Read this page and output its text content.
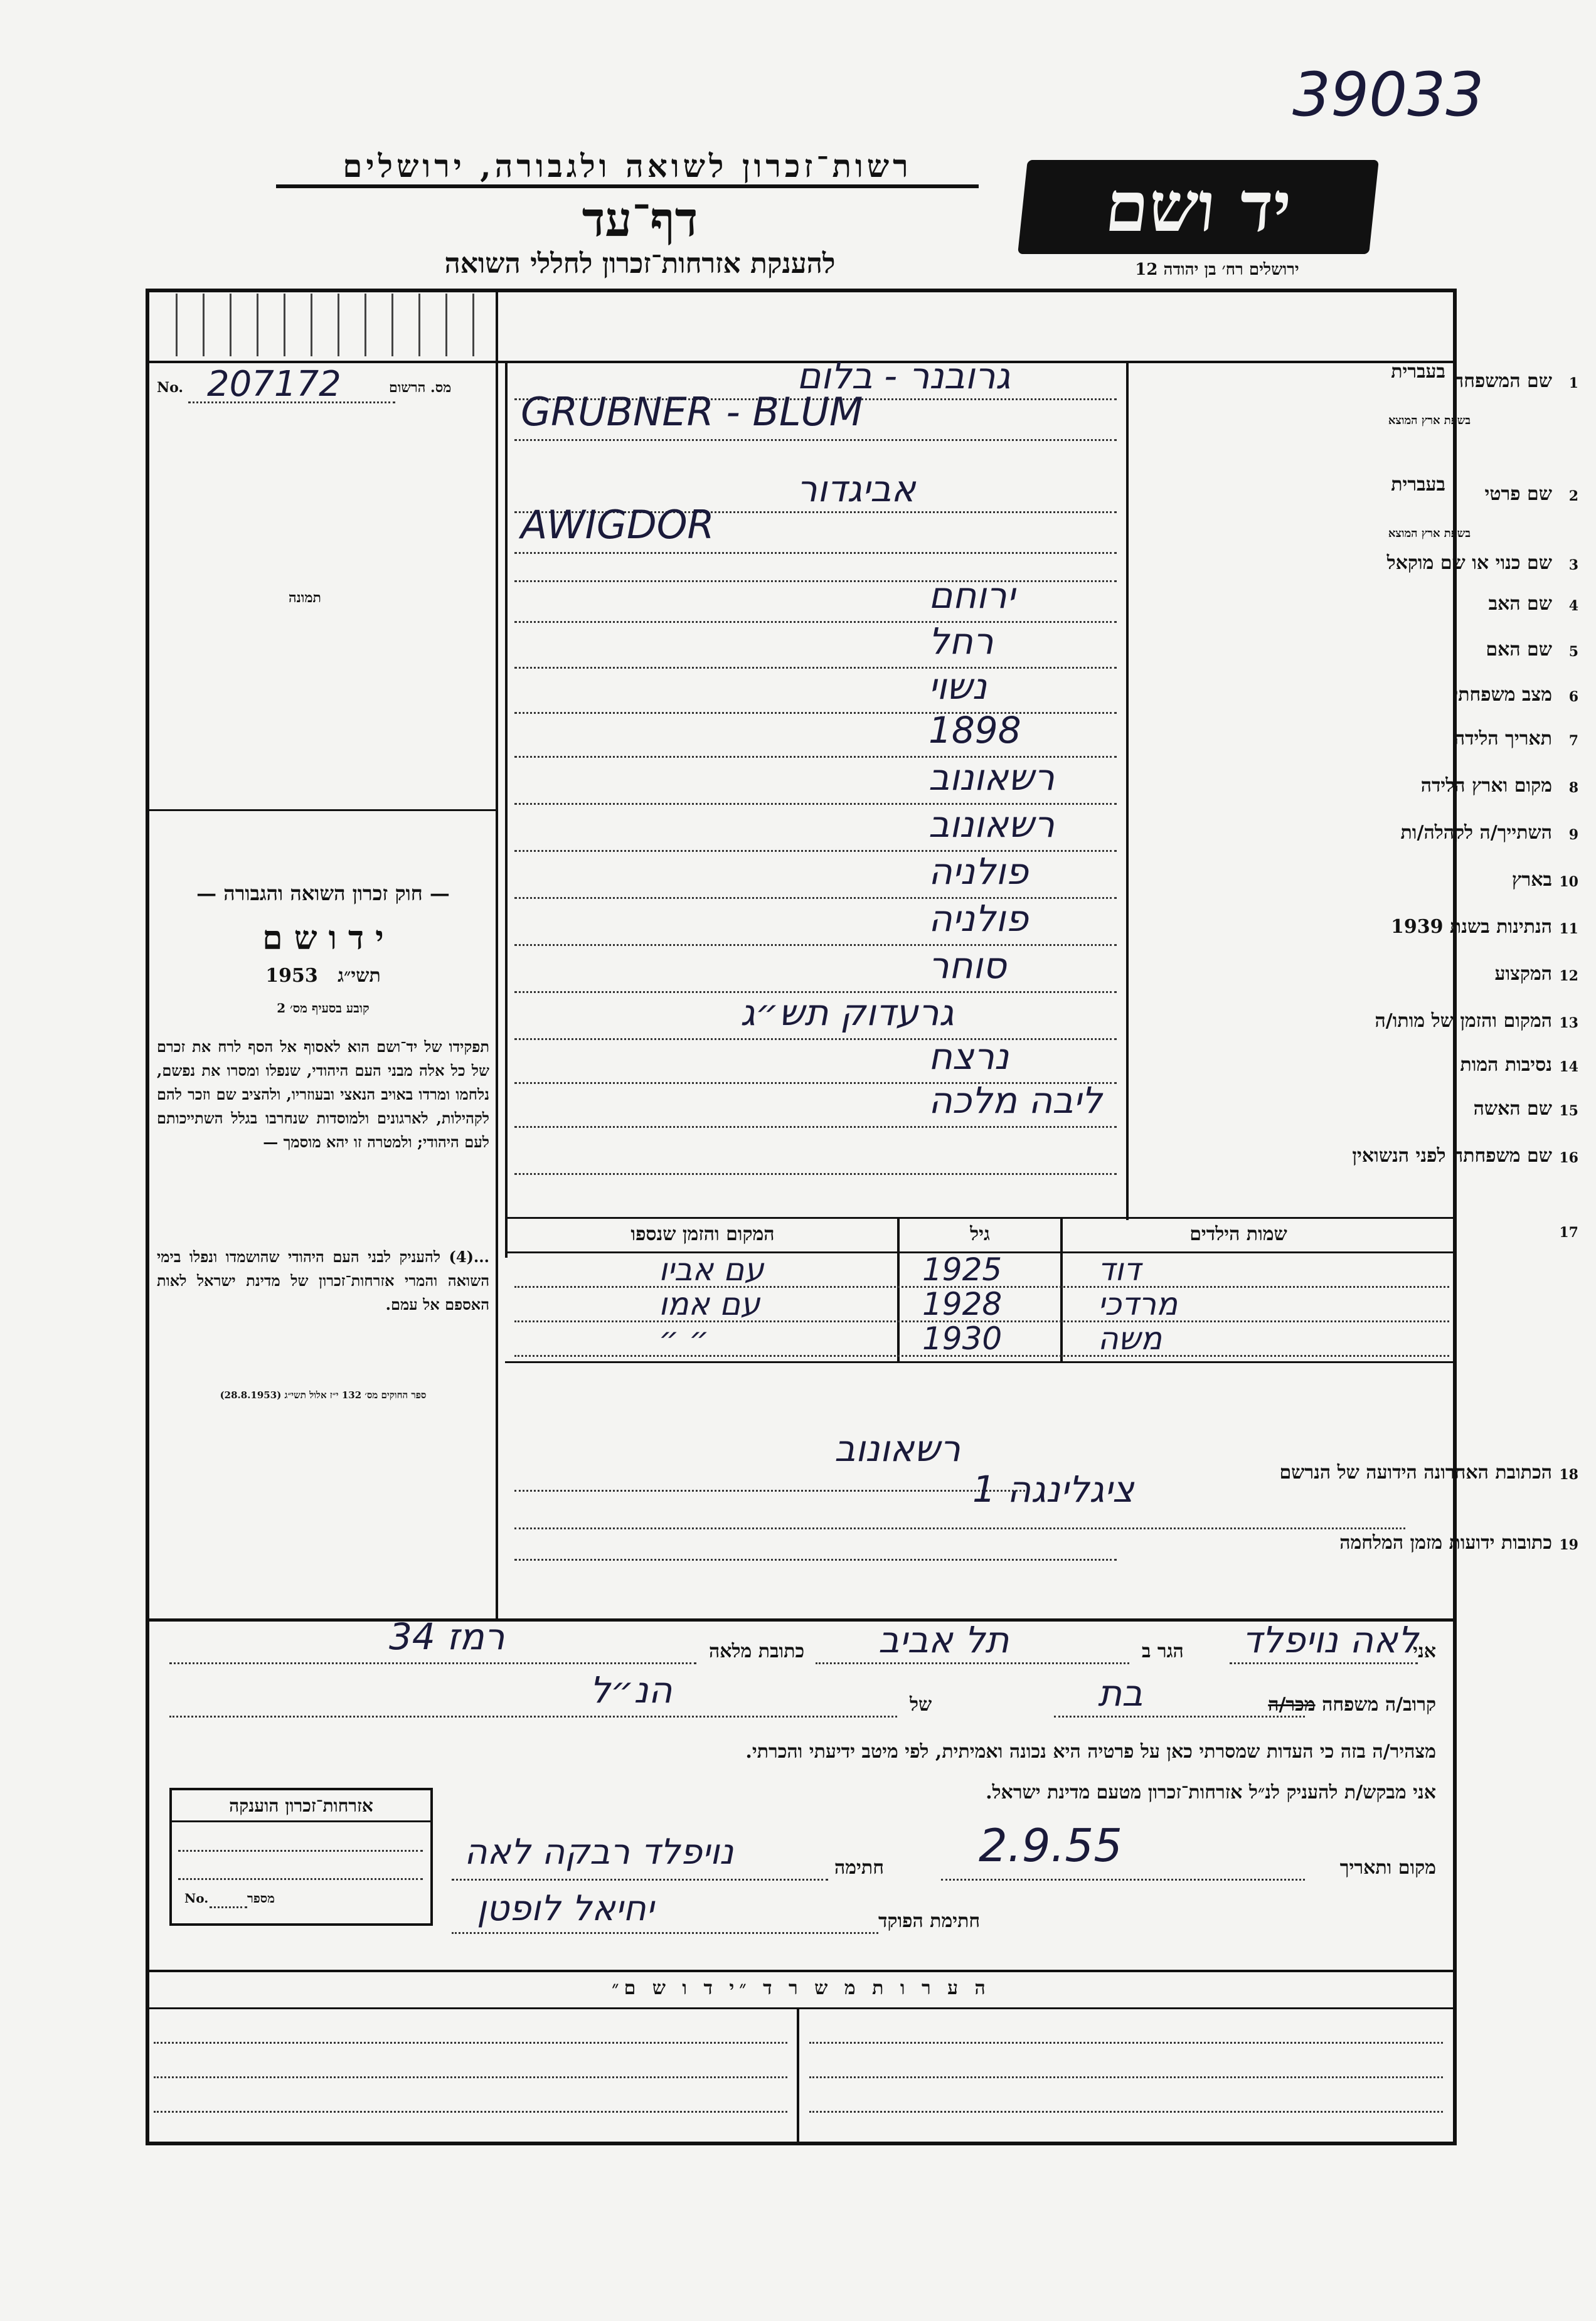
39033
רשות־זכרון לשואה ולגבורה, ירושלים
דף־עד
להענקת אזרחות־זכרון לחללי השואה
יד ושם
ירושלים רח׳ בן יהודה 12
No. 207172	מס. הרשום
תמונה
— חוק זכרון השואה והגבורה —
י ד ו ש ם
1953 תשי״ג
קובע בסעיף מס׳ 2
תפקידו של יד־ושם הוא לאסוף אל הסף לרח את זכרם של כל אלה מבני העם היהודי, שנפלו ומסרו את נפשם, נלחמו ומרדו באויב הנאצי ובעוזריו, ולהציב שם וזכר להם לקהילות, לארגונים ולמוסדות שנחרבו בגלל השתייכותם לעם היהודי; ולמטרה זו יהא מוסמך —
...(4) להעניק לבני העם היהודי שהושמדו ונפלו בימי השואה והמרי אזרחות־זכרון של מדינת ישראל לאות האספם אל עמם.
ספר החוקים מס׳ 132 י״ז אלול תשי״ג (28.8.1953)
1
שם המשפחה
בעברית
בשפת ארץ המוצא
גרובנר - בלום
GRUBNER - BLUM
2
שם פרטי
בעברית
בשפת ארץ המוצא
אביגדור
AWIGDOR
3
שם כנוי או שם מוקאל
4
שם האב
ירוחם
5
שם האם
רחל
6
מצב משפחתי
נשוי
7
תאריך הלידה
1898
8
מקום וארץ הלידה
רשאונוב
9
השתייך/ה לקהלה/ות
רשאונוב
10
בארץ
פולניה
11
הנתינות בשנת 1939
פולניה
12
המקצוע
סוחר
13
המקום והזמן של מותו/ה
גרעדוק תש״ג
14
נסיבות המות
נרצח
15
שם האשה
ליבה מלכה
16
שם משפחתה לפני הנשואין
17
שמות הילדים
גיל
המקום והזמן שנספו
דוד
1925
עם אביו
מרדכי
1928
עם אמו
משה
1930
״ ״
18
הכתובת האחרונה הידועה של הנרשם
רשאונוב
ציגלינגה 1
19
כתובות ידועות מזמן המלחמה
אני
לאה נויפלד
הגר ב
תל אביב
כתובת מלאה
רמז 34
קרוב/ה משפחה מכר/ה
בת
של
הנ״ל
מצהיר/ה בזה כי העדות שמסרתי כאן על פרטיה היא נכונה ואמיתית, לפי מיטב ידיעתי והכרתי.
אני מבקש/ת להעניק לנ״ל אזרחות־זכרון מטעם מדינת ישראל.
מקום ותאריך
2.9.55
חתימה
נויפלד רבקה לאה
חתימת הפוקד
יחיאל לופטן
אזרחות־זכרון הוענקה
No.	מספר
ה ע ר ו ת מ ש ר ד ״י ד ו ש ם״
